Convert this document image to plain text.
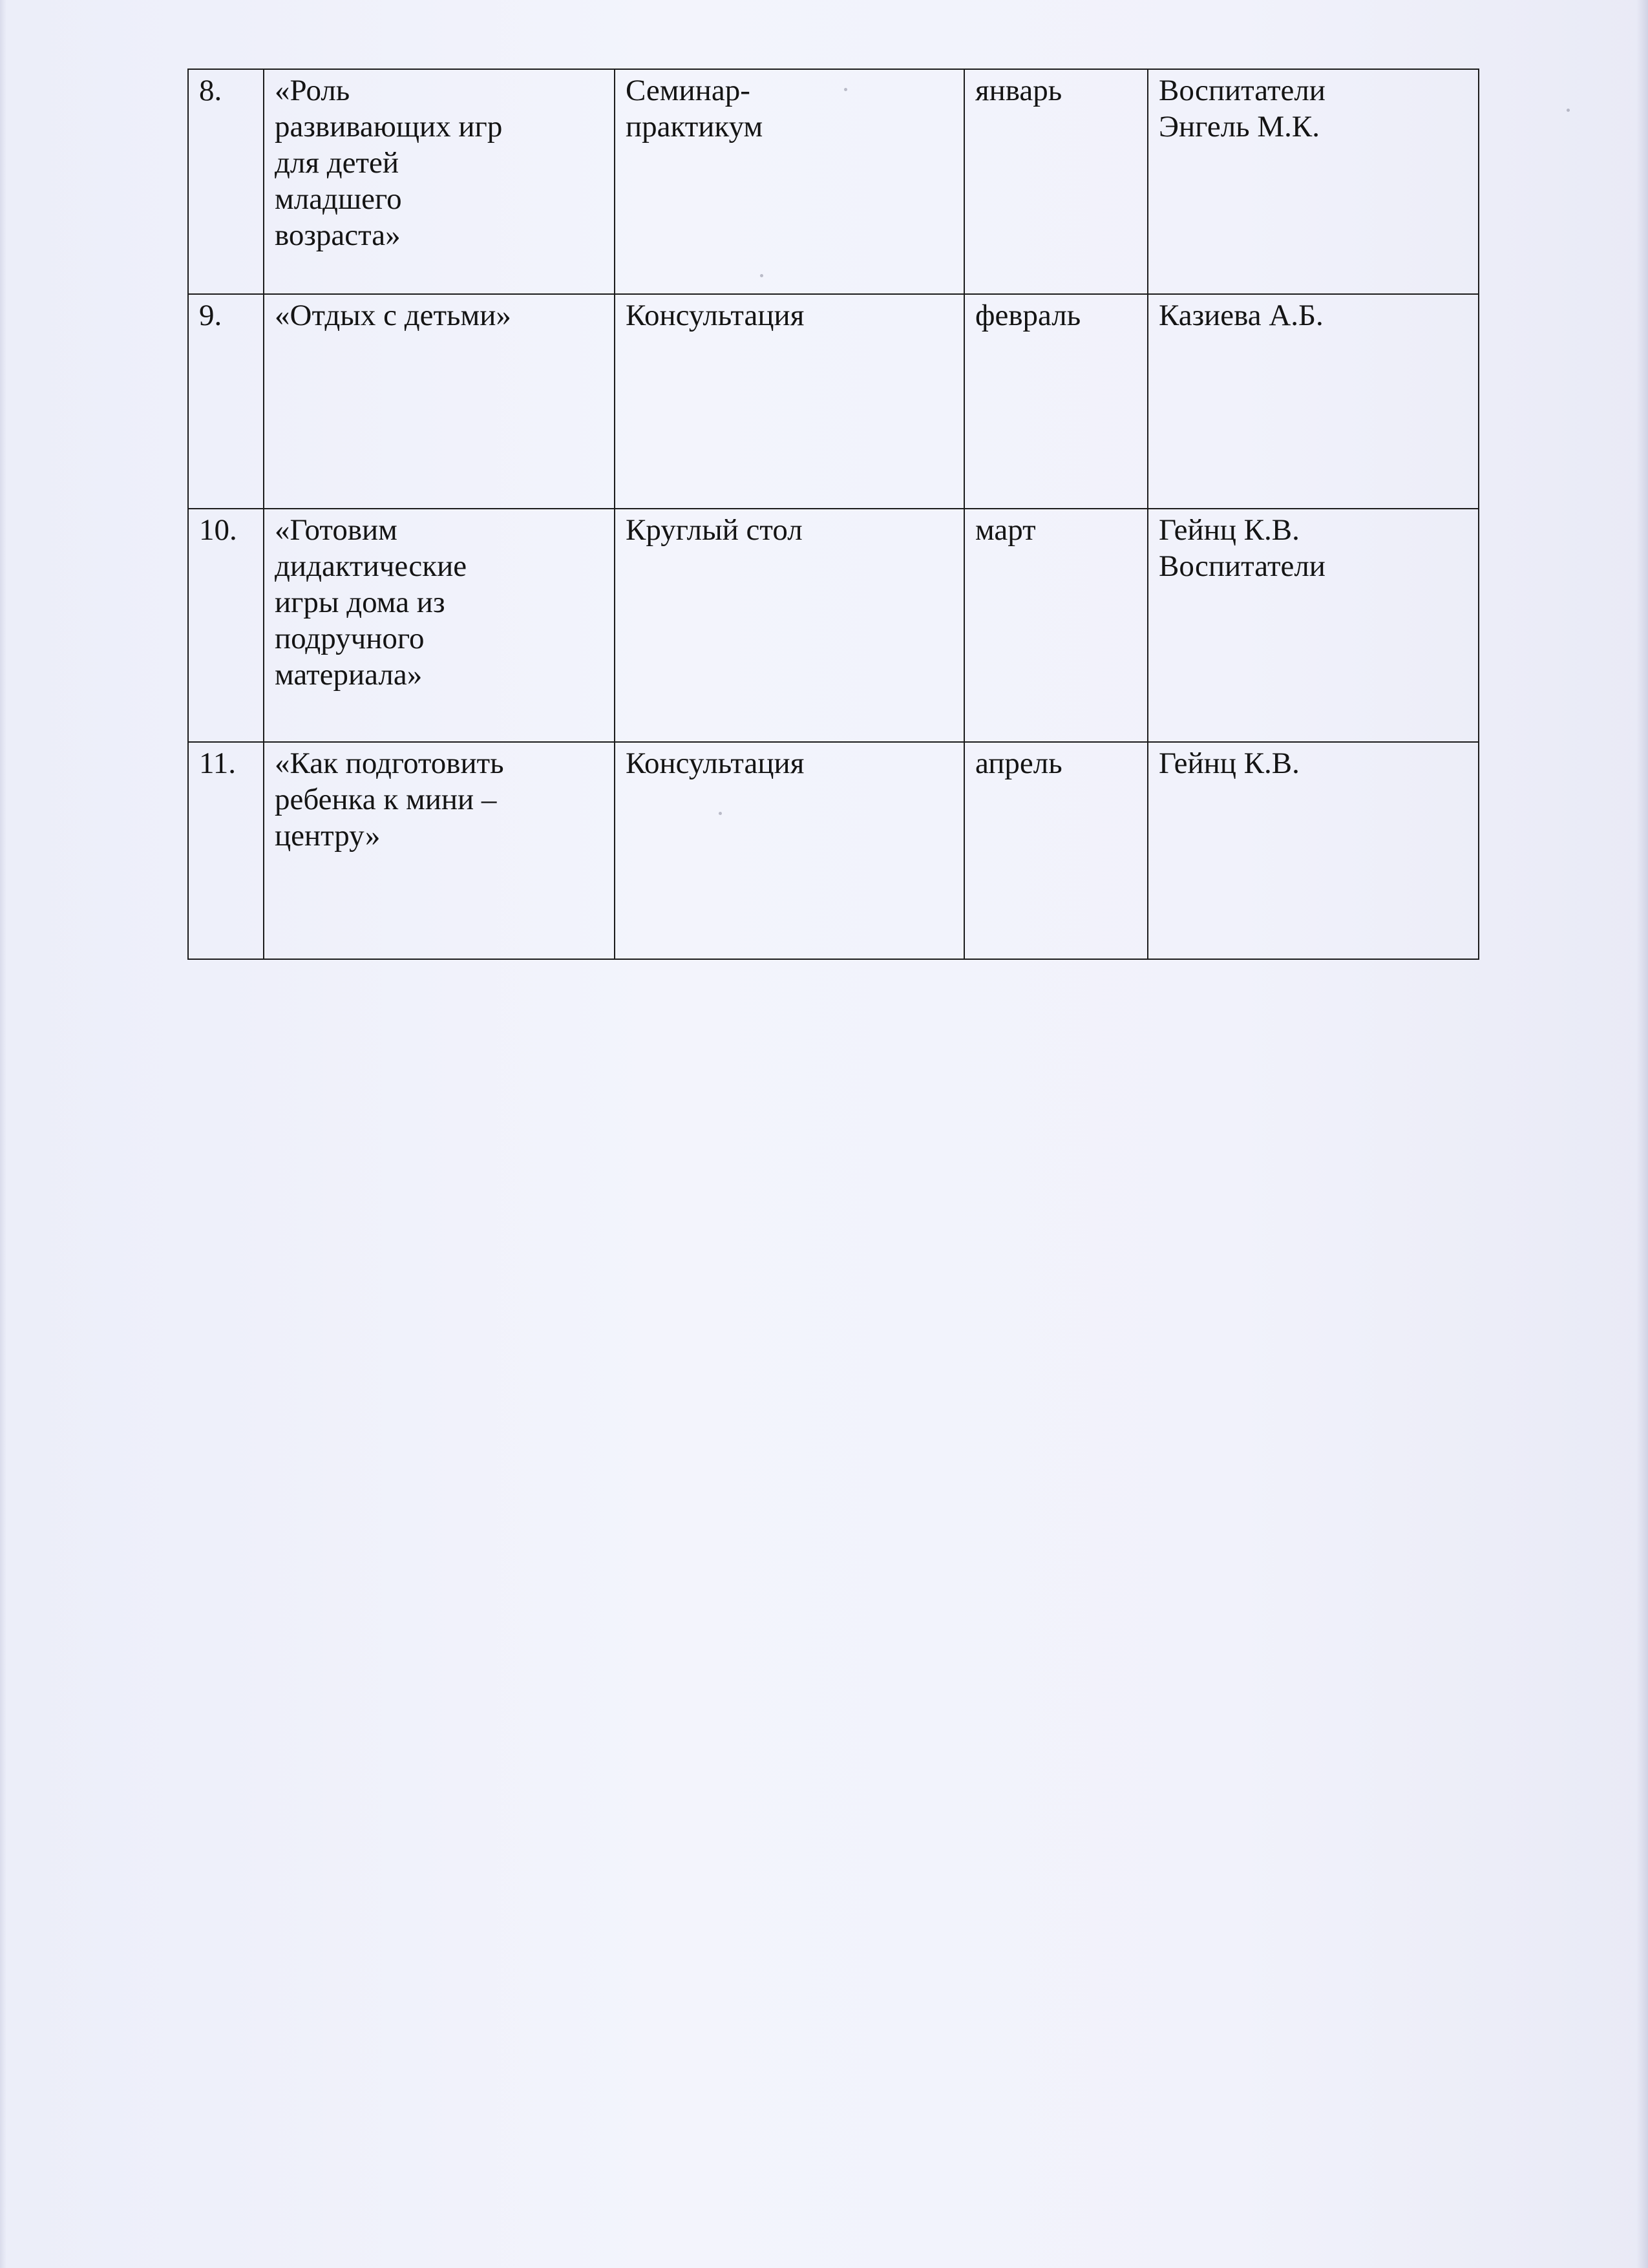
8.	«Роль
развивающих игр
для детей
младшего
возраста»	Семинар-
практикум	январь	Воспитатели
Энгель М.К.

9.	«Отдых с детьми»	Консультация	февраль	Казиева А.Б.

10.	«Готовим
дидактические
игры дома из
подручного
материала»	Круглый стол	март	Гейнц К.В.
Воспитатели

11.	«Как подготовить
ребенка к мини –
центру»	Консультация	апрель	Гейнц К.В.
